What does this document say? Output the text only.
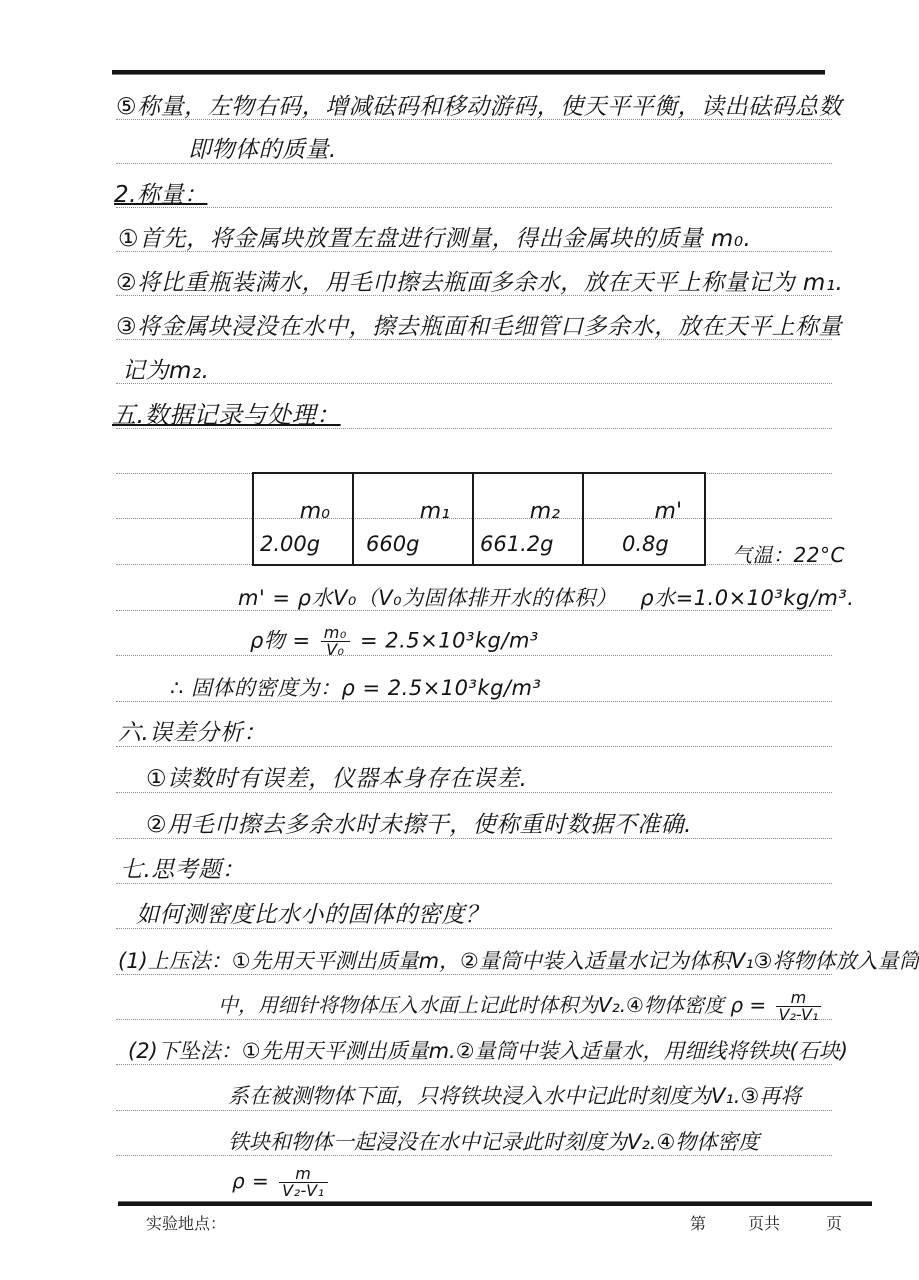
⑤称量，左物右码，增减砝码和移动游码，使天平平衡，读出砝码总数
即物体的质量.
2.称量：
①首先，将金属块放置左盘进行测量，得出金属块的质量 m₀.
②将比重瓶装满水，用毛巾擦去瓶面多余水，放在天平上称量记为 m₁.
③将金属块浸没在水中，擦去瓶面和毛细管口多余水，放在天平上称量
记为m₂.
五.数据记录与处理：
m₀	m₁	m₂	m'
2.00g	660g	661.2g	0.8g	气温：22°C
m' = ρ水V₀（V₀为固体排开水的体积） ρ水=1.0×10³kg/m³.
ρ物 = $\frac{\text{m₀}}{\text{V₀}} = 2.5\times 10^3kg/m^3$
∴ 固体的密度为：ρ = 2.5×10³kg/m³
六.误差分析：
①读数时有误差，仪器本身存在误差.
②用毛巾擦去多余水时未擦干，使称重时数据不准确.
七.思考题：
如何测密度比水小的固体的密度？
(1)上压法：①先用天平测出质量m，②量筒中装入适量水记为体积V₁③将物体放入量筒
中，用细针将物体压入水面上记此时体积为V₂.④物体密度 $\rho = \frac{m}{\text{V₂-V₁}}$
(2)下坠法：①先用天平测出质量m.②量筒中装入适量水，用细线将铁块(石块)
系在被测物体下面，只将铁块浸入水中记此时刻度为V₁.③再将
铁块和物体一起浸没在水中记录此时刻度为V₂.④物体密度
$\rho = \frac{m}{\text{V₂-V₁}}$
实验地点：	第	页共	页
